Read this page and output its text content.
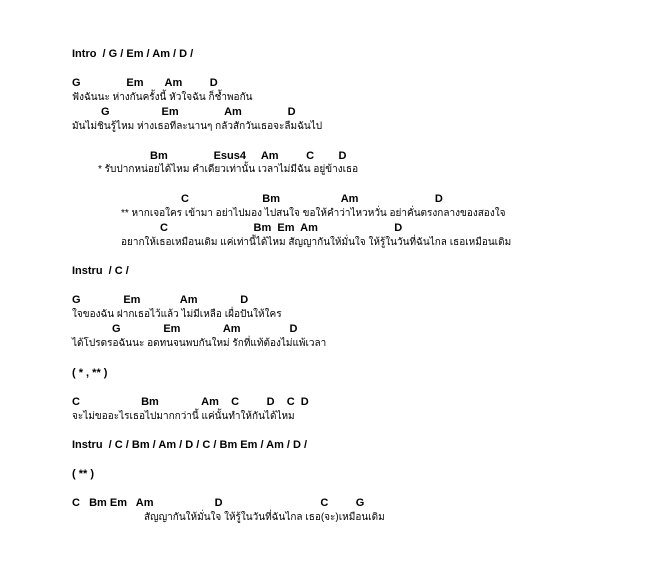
Intro  / G / Em / Am / D /
G               Em       Am         D
ฟังฉันนะ ห่างกันครั้งนี้ หัวใจฉัน ก็ช้ำพอกัน
G                 Em               Am               D
มันไม่ชินรู้ไหม ห่างเธอทีละนานๆ กลัวสักวันเธอจะลืมฉันไป
Bm               Esus4     Am         C        D
* รับปากหน่อยได้ไหม คำเดียวเท่านั้น เวลาไม่มีฉัน อยู่ข้างเธอ
C                        Bm                    Am                         D
** หากเจอใคร เข้ามา อย่าไปมอง ไปสนใจ ขอให้คำว่าไหวหวั่น อย่าคั่นตรงกลางของสองใจ
C                            Bm  Em  Am                         D
อยากให้เธอเหมือนเดิม แค่เท่านี้ได้ไหม สัญญากันให้มั่นใจ ให้รู้ในวันที่ฉันไกล เธอเหมือนเดิม
Instru  / C /
G              Em             Am              D
ใจของฉัน ฝากเธอไว้แล้ว ไม่มีเหลือ เผื่อปันให้ใคร
G              Em              Am                D
ได้โปรดรอฉันนะ อดทนจนพบกันใหม่ รักที่แท้ต้องไม่แพ้เวลา
( * , ** )
C                    Bm              Am    C         D    C  D
จะไม่ขออะไรเธอไปมากกว่านี้ แค่นั้นทำให้กันได้ไหม
Instru  / C / Bm / Am / D / C / Bm Em / Am / D /
( ** )
C   Bm Em   Am                    D                                C         G
สัญญากันให้มั่นใจ ให้รู้ในวันที่ฉันไกล เธอ(จะ)เหมือนเดิม
